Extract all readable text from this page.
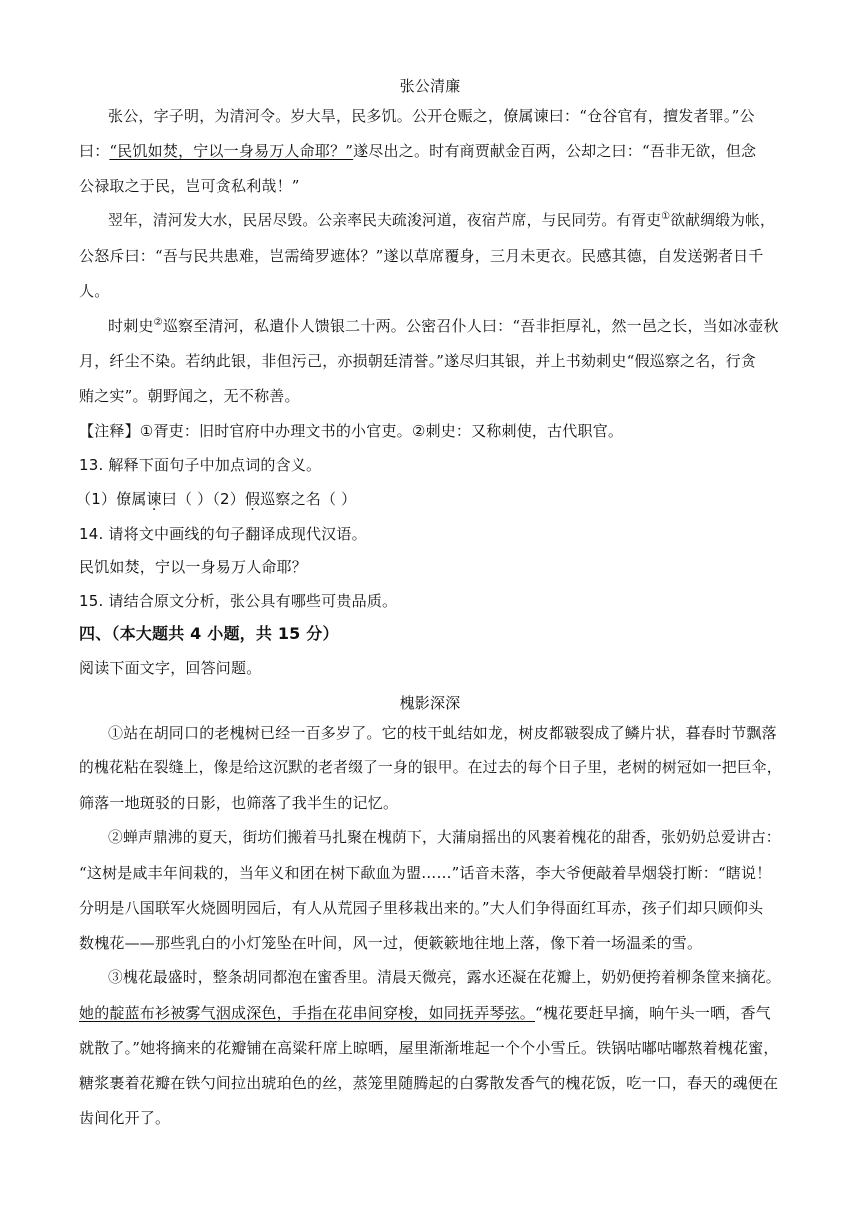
张公清廉
张公，字子明，为清河令。岁大旱，民多饥。公开仓赈之，僚属谏曰：“仓谷官有，擅发者罪。”公
曰：“民饥如焚，宁以一身易万人命耶？”遂尽出之。时有商贾献金百两，公却之曰：“吾非无欲，但念
公禄取之于民，岂可贪私利哉！”
翌年，清河发大水，民居尽毁。公亲率民夫疏浚河道，夜宿芦席，与民同劳。有胥吏①欲献绸缎为帐，
公怒斥曰：“吾与民共患难，岂需绮罗遮体？”遂以草席覆身，三月未更衣。民感其德，自发送粥者日千
人。
时刺史②巡察至清河，私遣仆人馈银二十两。公密召仆人曰：“吾非拒厚礼，然一邑之长，当如冰壶秋
月，纤尘不染。若纳此银，非但污己，亦损朝廷清誉。”遂尽归其银，并上书劾刺史“假巡察之名，行贪
贿之实”。朝野闻之，无不称善。
【注释】①胥吏：旧时官府中办理文书的小官吏。②刺史：又称刺使，古代职官。
13. 解释下面句子中加点词的含义。
（1）僚属谏曰（ ）（2）假巡察之名（ ）
14. 请将文中画线的句子翻译成现代汉语。
民饥如焚，宁以一身易万人命耶？
15. 请结合原文分析，张公具有哪些可贵品质。
四、（本大题共 4 小题，共 15 分）
阅读下面文字，回答问题。
槐影深深
①站在胡同口的老槐树已经一百多岁了。它的枝干虬结如龙，树皮都皲裂成了鳞片状，暮春时节飘落
的槐花粘在裂缝上，像是给这沉默的老者缀了一身的银甲。在过去的每个日子里，老树的树冠如一把巨伞，
筛落一地斑驳的日影，也筛落了我半生的记忆。
②蝉声鼎沸的夏天，街坊们搬着马扎聚在槐荫下，大蒲扇摇出的风裹着槐花的甜香，张奶奶总爱讲古：
“这树是咸丰年间栽的，当年义和团在树下歃血为盟……”话音未落，李大爷便敲着旱烟袋打断：“瞎说！
分明是八国联军火烧圆明园后，有人从荒园子里移栽出来的。”大人们争得面红耳赤，孩子们却只顾仰头
数槐花——那些乳白的小灯笼坠在叶间，风一过，便簌簌地往地上落，像下着一场温柔的雪。
③槐花最盛时，整条胡同都泡在蜜香里。清晨天微亮，露水还凝在花瓣上，奶奶便挎着柳条筐来摘花。
她的靛蓝布衫被雾气洇成深色，手指在花串间穿梭，如同抚弄琴弦。“槐花要赶早摘，晌午头一晒，香气
就散了。”她将摘来的花瓣铺在高粱秆席上晾晒，屋里渐渐堆起一个个小雪丘。铁锅咕嘟咕嘟熬着槐花蜜，
糖浆裹着花瓣在铁勺间拉出琥珀色的丝，蒸笼里随腾起的白雾散发香气的槐花饭，吃一口，春天的魂便在
齿间化开了。
